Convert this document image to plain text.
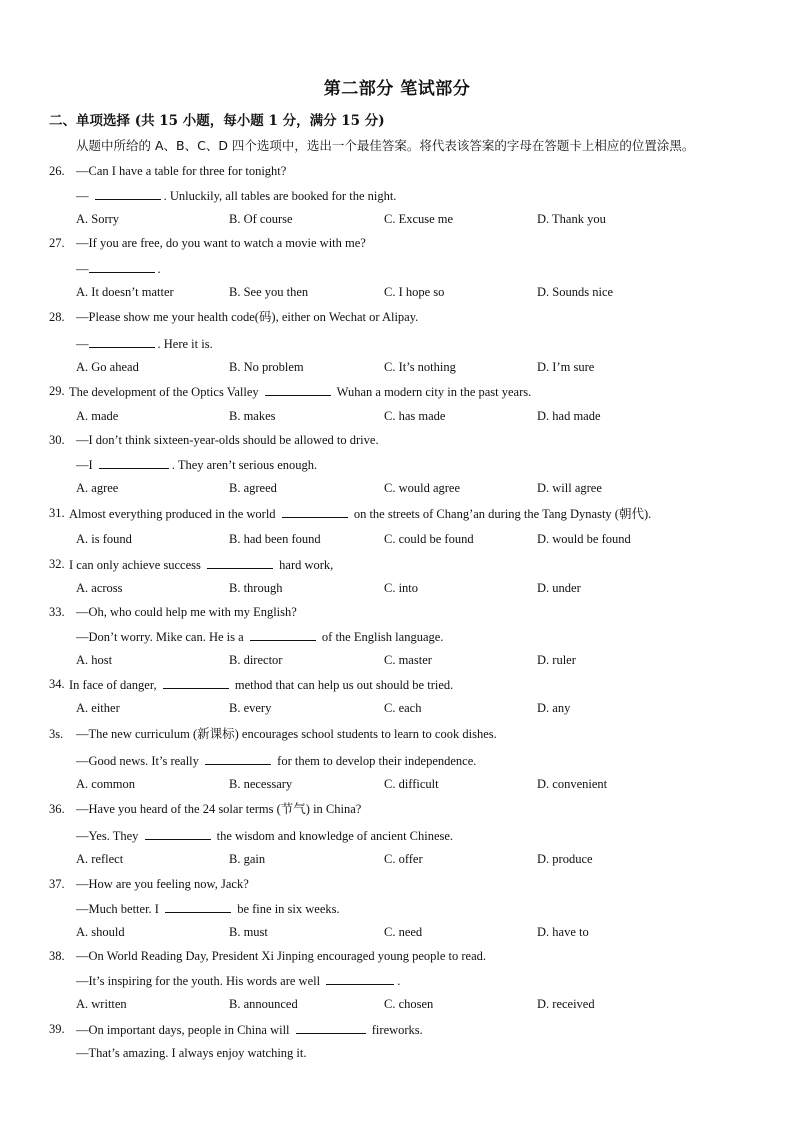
第二部分 笔试部分
二、单项选择 (共 15 小题，每小题 1 分，满分 15 分)
从题中所给的 A、B、C、D 四个选项中，选出一个最佳答案。将代表该答案的字母在答题卡上相应的位置涂黑。
26. —Can I have a table for three for tonight?
—	. Unluckily, all tables are booked for the night.
A. Sorry	B. Of course	C. Excuse me	D. Thank you
27. —If you are free, do you want to watch a movie with me?
—	.
A. It doesn’t matter	B. See you then	C. I hope so	D. Sounds nice
28. —Please show me your health code(码), either on Wechat or Alipay.
—	. Here it is.
A. Go ahead	B. No problem	C. It’s nothing	D. I’m sure
29. The development of the Optics Valley	Wuhan a modern city in the past years.
A. made	B. makes	C. has made	D. had made
30. —I don’t think sixteen-year-olds should be allowed to drive.
—I	. They aren’t serious enough.
A. agree	B. agreed	C. would agree	D. will agree
31. Almost everything produced in the world	on the streets of Chang’an during the Tang Dynasty (朝代).
A. is found	B. had been found	C. could be found	D. would be found
32. I can only achieve success	hard work,
A. across	B. through	C. into	D. under
33. —Oh, who could help me with my English?
—Don’t worry. Mike can. He is a	of the English language.
A. host	B. director	C. master	D. ruler
34. In face of danger,	method that can help us out should be tried.
A. either	B. every	C. each	D. any
3s. —The new curriculum (新课标) encourages school students to learn to cook dishes.
—Good news. It’s really	for them to develop their independence.
A. common	B. necessary	C. difficult	D. convenient
36. —Have you heard of the 24 solar terms (节气) in China?
—Yes. They	the wisdom and knowledge of ancient Chinese.
A. reflect	B. gain	C. offer	D. produce
37. —How are you feeling now, Jack?
—Much better. I	be fine in six weeks.
A. should	B. must	C. need	D. have to
38. —On World Reading Day, President Xi Jinping encouraged young people to read.
—It’s inspiring for the youth. His words are well	.
A. written	B. announced	C. chosen	D. received
39. —On important days, people in China will	fireworks.
—That’s amazing. I always enjoy watching it.
